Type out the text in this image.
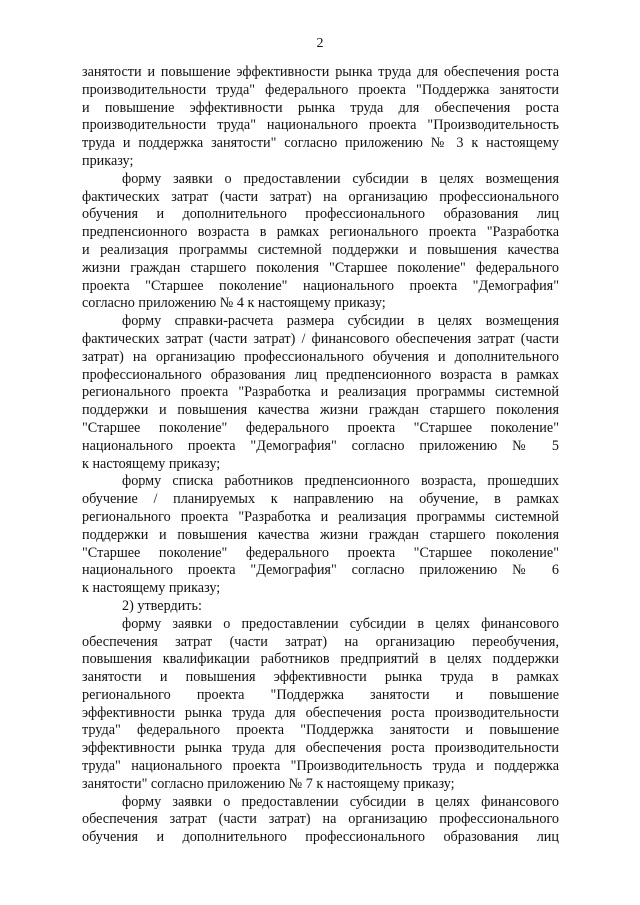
2
занятости и повышение эффективности рынка труда для обеспечения роста
производительности труда" федерального проекта "Поддержка занятости
и повышение эффективности рынка труда для обеспечения роста
производительности труда" национального проекта "Производительность
труда и поддержка занятости" согласно приложению № 3 к настоящему
приказу;
форму заявки о предоставлении субсидии в целях возмещения
фактических затрат (части затрат) на организацию профессионального
обучения и дополнительного профессионального образования лиц
предпенсионного возраста в рамках регионального проекта "Разработка
и реализация программы системной поддержки и повышения качества
жизни граждан старшего поколения "Старшее поколение" федерального
проекта "Старшее поколение" национального проекта "Демография"
согласно приложению № 4 к настоящему приказу;
форму справки-расчета размера субсидии в целях возмещения
фактических затрат (части затрат) / финансового обеспечения затрат (части
затрат) на организацию профессионального обучения и дополнительного
профессионального образования лиц предпенсионного возраста в рамках
регионального проекта "Разработка и реализация программы системной
поддержки и повышения качества жизни граждан старшего поколения
"Старшее поколение" федерального проекта "Старшее поколение"
национального проекта "Демография" согласно приложению № 5
к настоящему приказу;
форму списка работников предпенсионного возраста, прошедших
обучение / планируемых к направлению на обучение, в рамках
регионального проекта "Разработка и реализация программы системной
поддержки и повышения качества жизни граждан старшего поколения
"Старшее поколение" федерального проекта "Старшее поколение"
национального проекта "Демография" согласно приложению № 6
к настоящему приказу;
2) утвердить:
форму заявки о предоставлении субсидии в целях финансового
обеспечения затрат (части затрат) на организацию переобучения,
повышения квалификации работников предприятий в целях поддержки
занятости и повышения эффективности рынка труда в рамках
регионального проекта "Поддержка занятости и повышение
эффективности рынка труда для обеспечения роста производительности
труда" федерального проекта "Поддержка занятости и повышение
эффективности рынка труда для обеспечения роста производительности
труда" национального проекта "Производительность труда и поддержка
занятости" согласно приложению № 7 к настоящему приказу;
форму заявки о предоставлении субсидии в целях финансового
обеспечения затрат (части затрат) на организацию профессионального
обучения и дополнительного профессионального образования лиц
